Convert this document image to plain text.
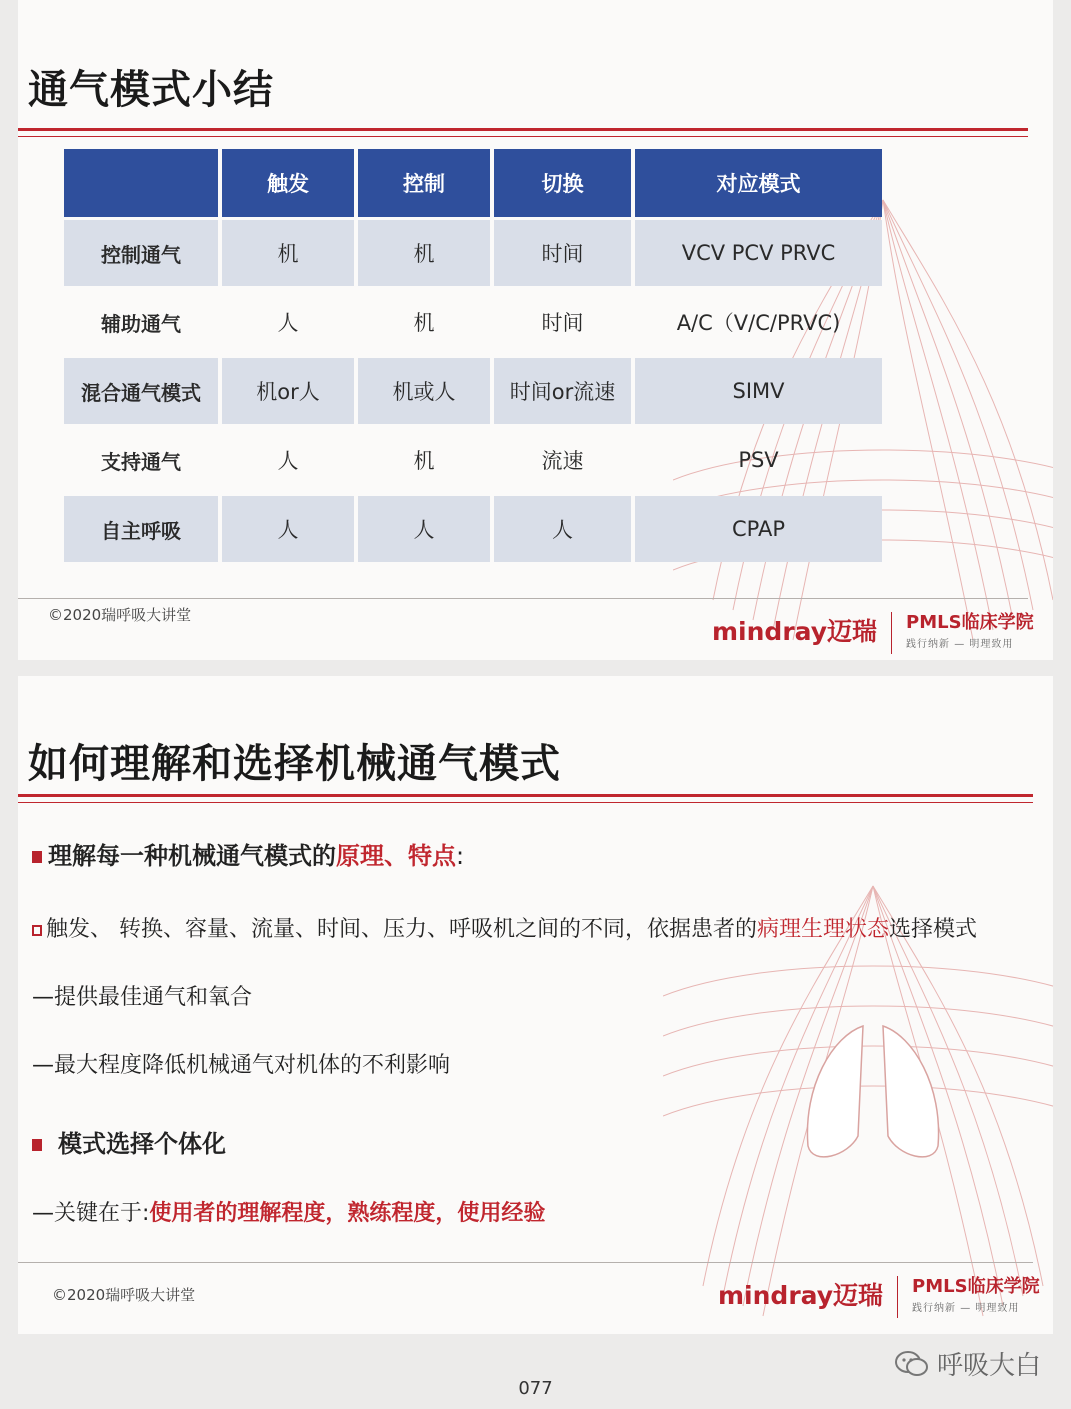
通气模式小结
	触发	控制	切换	对应模式
控制通气	机	机	时间	VCV PCV PRVC
辅助通气	人	机	时间	A/C（V/C/PRVC)
混合通气模式	机or人	机或人	时间or流速	SIMV
支持通气	人	机	流速	PSV
自主呼吸	人	人	人	CPAP
©2020瑞呼吸大讲堂
mindray迈瑞 PMLS临床学院
践行纳新 — 明理致用
如何理解和选择机械通气模式
理解每一种机械通气模式的原理、特点:
触发、 转换、容量、流量、时间、压力、呼吸机之间的不同，依据患者的病理生理状态选择模式
—提供最佳通气和氧合
—最大程度降低机械通气对机体的不利影响
模式选择个体化
—关键在于:使用者的理解程度，熟练程度，使用经验
©2020瑞呼吸大讲堂	mindray迈瑞 PMLS临床学院
践行纳新 — 明理致用
呼吸大白
077
